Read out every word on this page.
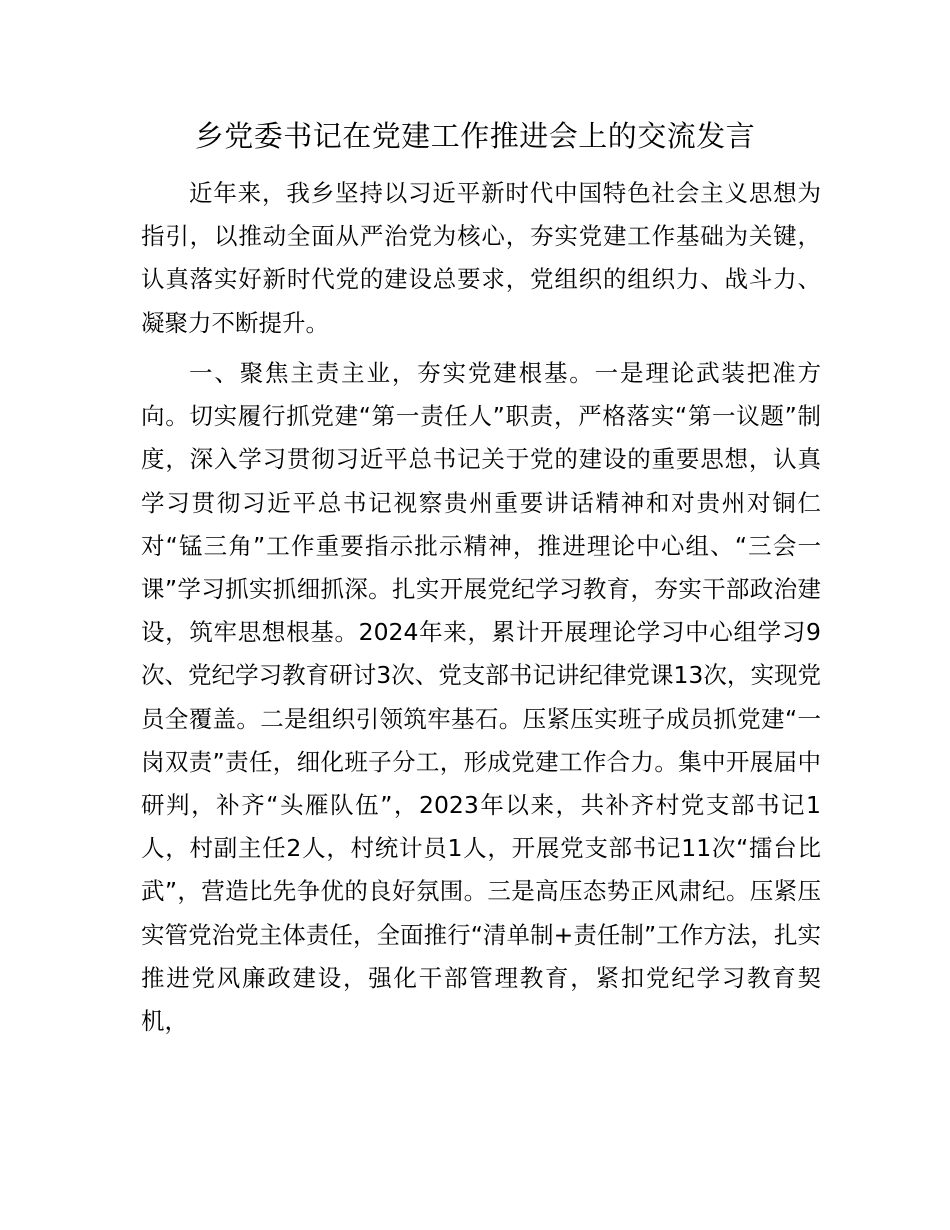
乡党委书记在党建工作推进会上的交流发言

近年来，我乡坚持以习近平新时代中国特色社会主义思想为指引，以推动全面从严治党为核心，夯实党建工作基础为关键，认真落实好新时代党的建设总要求，党组织的组织力、战斗力、凝聚力不断提升。

一、聚焦主责主业，夯实党建根基。一是理论武装把准方向。切实履行抓党建“第一责任人”职责，严格落实“第一议题”制度，深入学习贯彻习近平总书记关于党的建设的重要思想，认真学习贯彻习近平总书记视察贵州重要讲话精神和对贵州对铜仁对“锰三角”工作重要指示批示精神，推进理论中心组、“三会一课”学习抓实抓细抓深。扎实开展党纪学习教育，夯实干部政治建设，筑牢思想根基。2024年来，累计开展理论学习中心组学习9次、党纪学习教育研讨3次、党支部书记讲纪律党课13次，实现党员全覆盖。二是组织引领筑牢基石。压紧压实班子成员抓党建“一岗双责”责任，细化班子分工，形成党建工作合力。集中开展届中研判，补齐“头雁队伍”，2023年以来，共补齐村党支部书记1人，村副主任2人，村统计员1人，开展党支部书记11次“擂台比武”，营造比先争优的良好氛围。三是高压态势正风肃纪。压紧压实管党治党主体责任，全面推行“清单制+责任制”工作方法，扎实推进党风廉政建设，强化干部管理教育，紧扣党纪学习教育契机，
